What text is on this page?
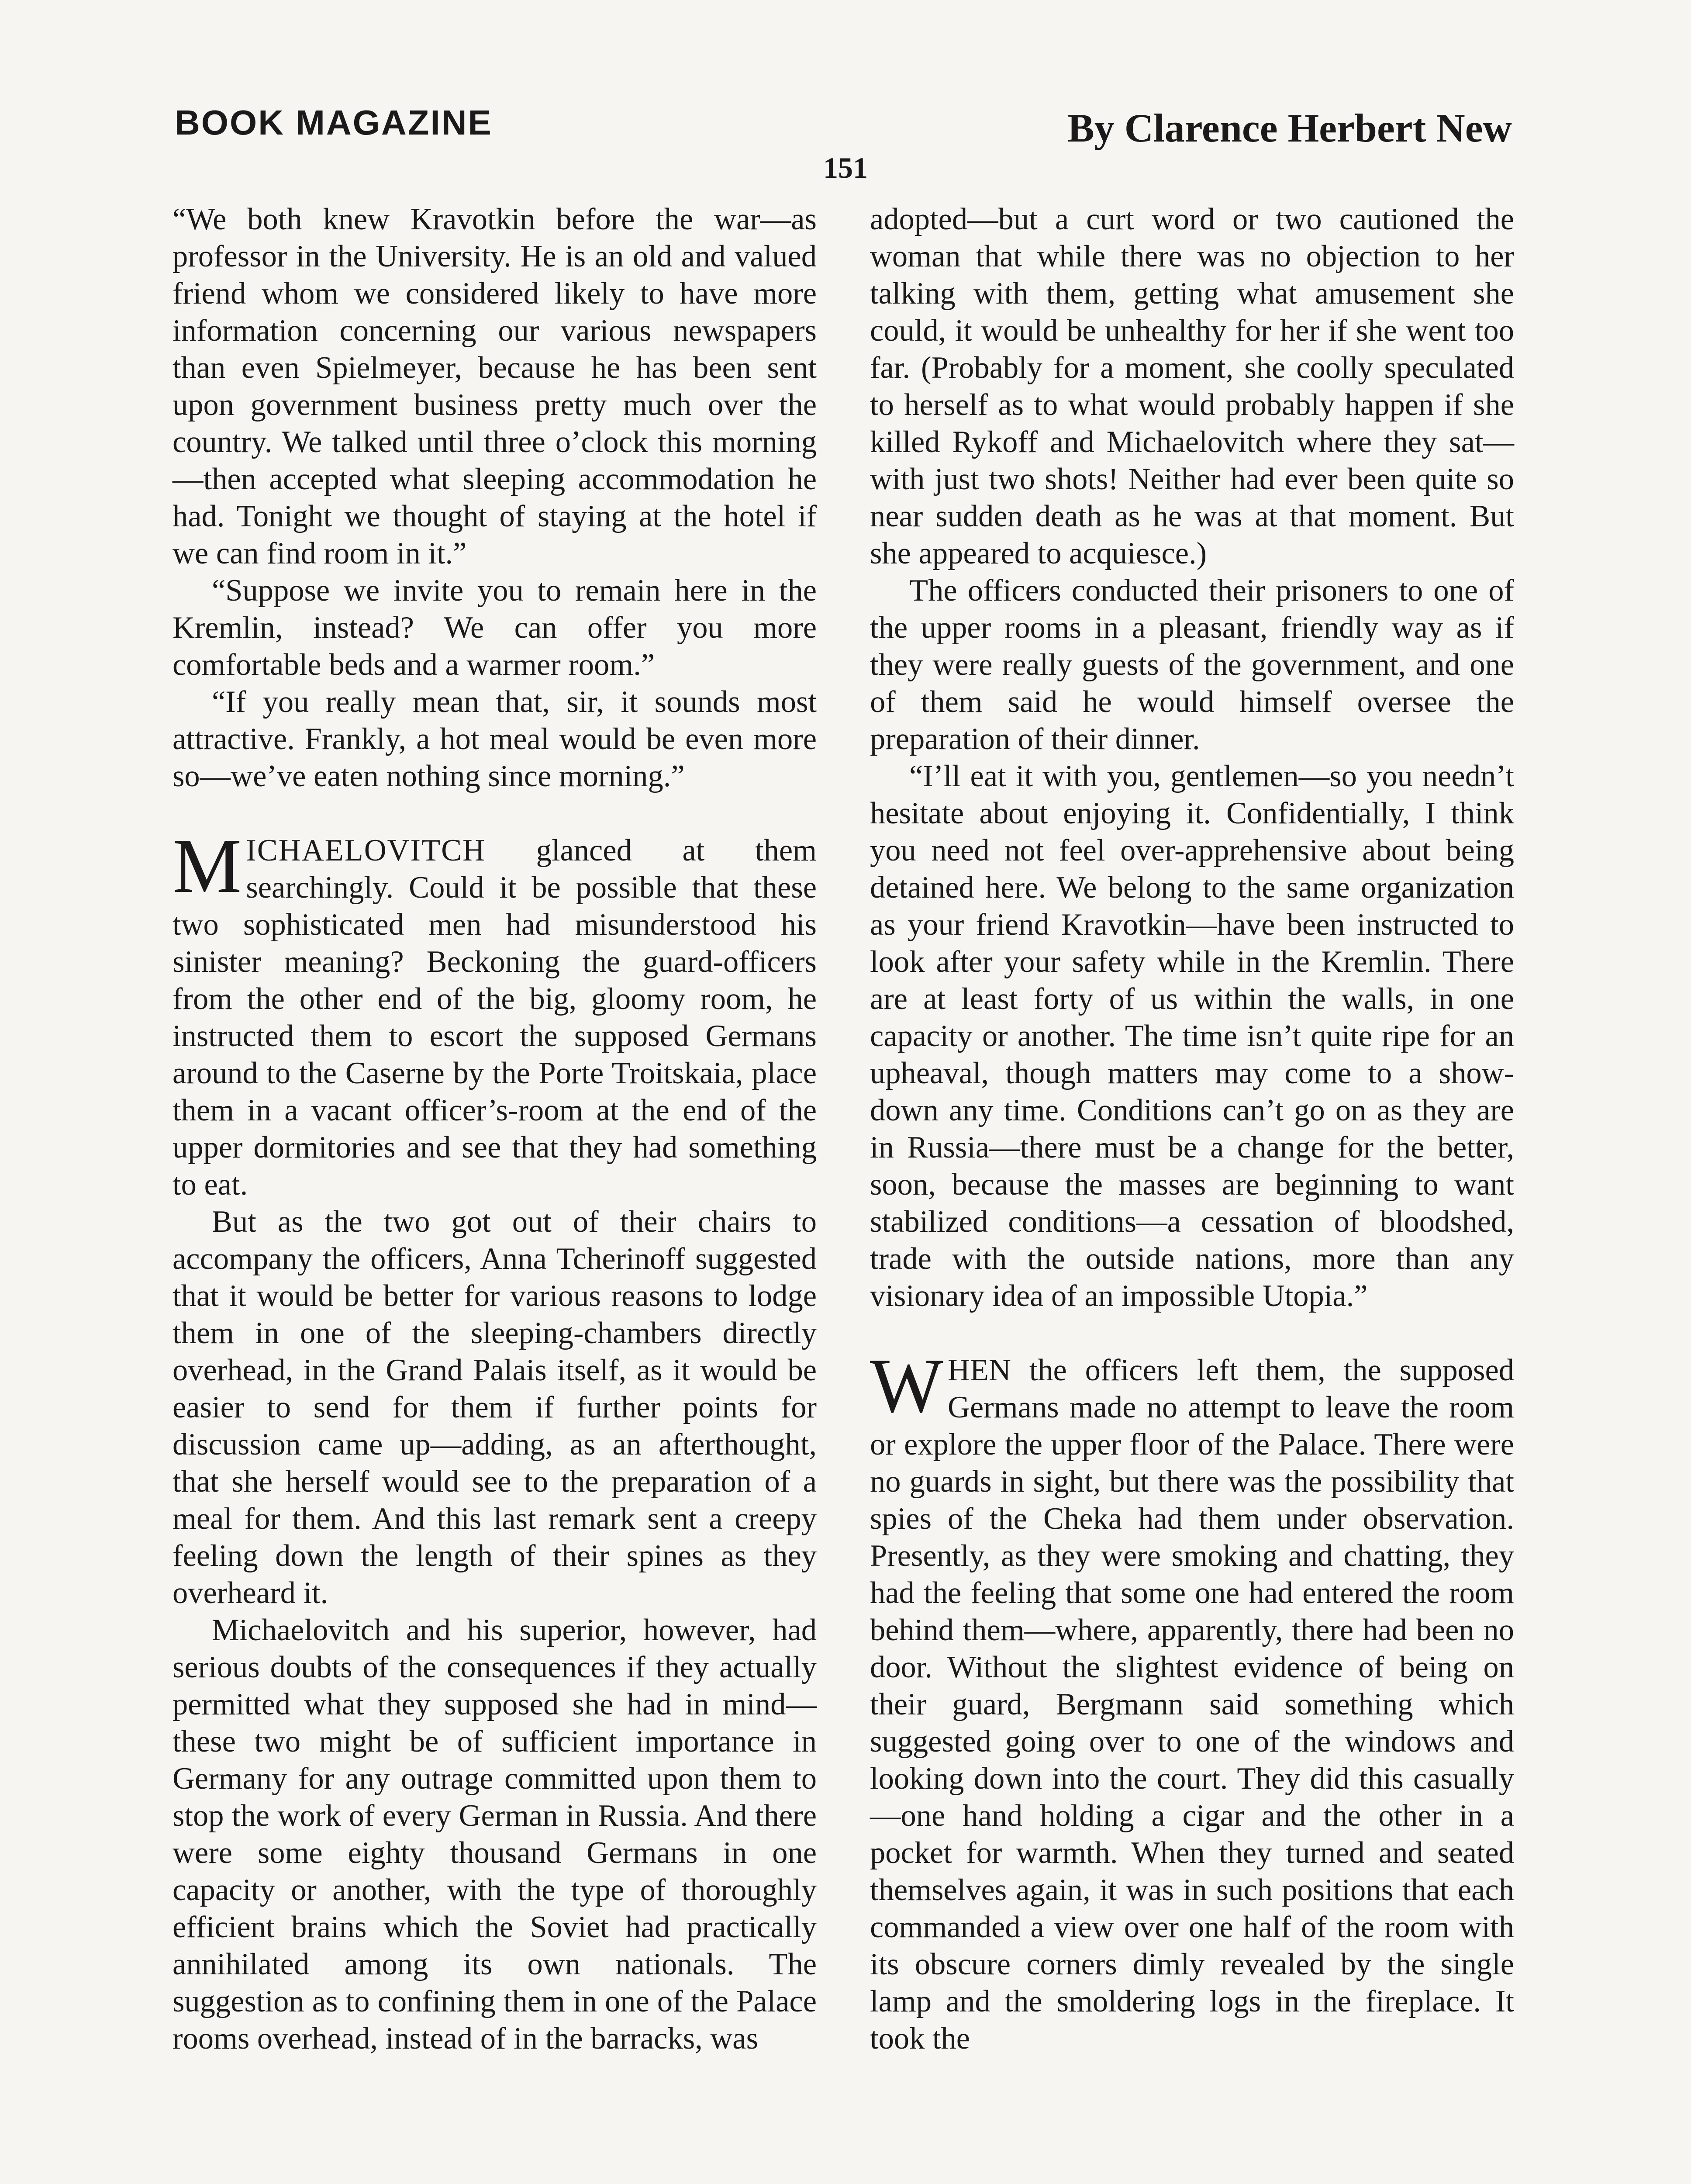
BOOK MAGAZINE	By Clarence Herbert New
151

“We both knew Kravotkin before the war—as professor in the University. He is an old and valued friend whom we considered likely to have more information concerning our various newspapers than even Spielmeyer, because he has been sent upon government business pretty much over the country. We talked until three o’clock this morning—then accepted what sleeping accommodation he had. Tonight we thought of staying at the hotel if we can find room in it.”

“Suppose we invite you to remain here in the Kremlin, instead? We can offer you more comfortable beds and a warmer room.”

“If you really mean that, sir, it sounds most attractive. Frankly, a hot meal would be even more so—we’ve eaten nothing since morning.”

MICHAELOVITCH glanced at them searchingly. Could it be possible that these two sophisticated men had misunderstood his sinister meaning? Beckoning the guard-officers from the other end of the big, gloomy room, he instructed them to escort the supposed Germans around to the Caserne by the Porte Troitskaia, place them in a vacant officer’s-room at the end of the upper dormitories and see that they had something to eat.

But as the two got out of their chairs to accompany the officers, Anna Tcherinoff suggested that it would be better for various reasons to lodge them in one of the sleeping-chambers directly overhead, in the Grand Palais itself, as it would be easier to send for them if further points for discussion came up—adding, as an afterthought, that she herself would see to the preparation of a meal for them. And this last remark sent a creepy feeling down the length of their spines as they overheard it.

Michaelovitch and his superior, however, had serious doubts of the consequences if they actually permitted what they supposed she had in mind—these two might be of sufficient importance in Germany for any outrage committed upon them to stop the work of every German in Russia. And there were some eighty thousand Germans in one capacity or another, with the type of thoroughly efficient brains which the Soviet had practically annihilated among its own nationals. The suggestion as to confining them in one of the Palace rooms overhead, instead of in the barracks, was

adopted—but a curt word or two cautioned the woman that while there was no objection to her talking with them, getting what amusement she could, it would be unhealthy for her if she went too far. (Probably for a moment, she coolly speculated to herself as to what would probably happen if she killed Rykoff and Michaelovitch where they sat—with just two shots! Neither had ever been quite so near sudden death as he was at that moment. But she appeared to acquiesce.)

The officers conducted their prisoners to one of the upper rooms in a pleasant, friendly way as if they were really guests of the government, and one of them said he would himself oversee the preparation of their dinner.

“I’ll eat it with you, gentlemen—so you needn’t hesitate about enjoying it. Confidentially, I think you need not feel over-apprehensive about being detained here. We belong to the same organization as your friend Kravotkin—have been instructed to look after your safety while in the Kremlin. There are at least forty of us within the walls, in one capacity or another. The time isn’t quite ripe for an upheaval, though matters may come to a show-down any time. Conditions can’t go on as they are in Russia—there must be a change for the better, soon, because the masses are beginning to want stabilized conditions—a cessation of bloodshed, trade with the outside nations, more than any visionary idea of an impossible Utopia.”

WHEN the officers left them, the supposed Germans made no attempt to leave the room or explore the upper floor of the Palace. There were no guards in sight, but there was the possibility that spies of the Cheka had them under observation. Presently, as they were smoking and chatting, they had the feeling that some one had entered the room behind them—where, apparently, there had been no door. Without the slightest evidence of being on their guard, Bergmann said something which suggested going over to one of the windows and looking down into the court. They did this casually—one hand holding a cigar and the other in a pocket for warmth. When they turned and seated themselves again, it was in such positions that each commanded a view over one half of the room with its obscure corners dimly revealed by the single lamp and the smoldering logs in the fireplace. It took the
